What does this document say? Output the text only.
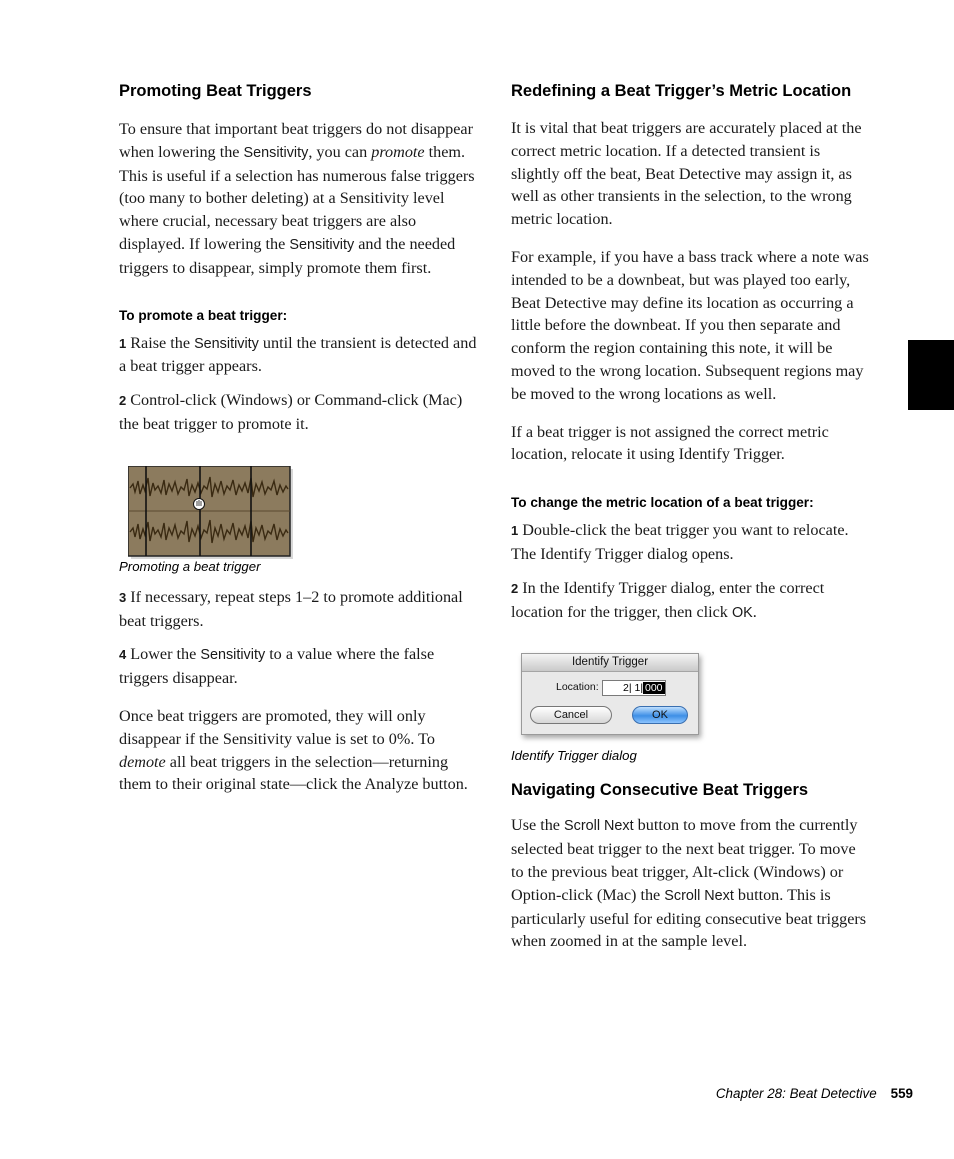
Promoting Beat Triggers

To ensure that important beat triggers do not disappear when lowering the Sensitivity, you can promote them. This is useful if a selection has numerous false triggers (too many to bother deleting) at a Sensitivity level where crucial, necessary beat triggers are also displayed. If lowering the Sensitivity and the needed triggers to disappear, simply promote them first.

To promote a beat trigger:

1 Raise the Sensitivity until the transient is detected and a beat trigger appears.

2 Control-click (Windows) or Command-click (Mac) the beat trigger to promote it.

Promoting a beat trigger

3 If necessary, repeat steps 1–2 to promote additional beat triggers.

4 Lower the Sensitivity to a value where the false triggers disappear.

Once beat triggers are promoted, they will only disappear if the Sensitivity value is set to 0%. To demote all beat triggers in the selection—returning them to their original state—click the Analyze button.

Redefining a Beat Trigger’s Metric Location

It is vital that beat triggers are accurately placed at the correct metric location. If a detected transient is slightly off the beat, Beat Detective may assign it, as well as other transients in the selection, to the wrong metric location.

For example, if you have a bass track where a note was intended to be a downbeat, but was played too early, Beat Detective may define its location as occurring a little before the downbeat. If you then separate and conform the region containing this note, it will be moved to the wrong location. Subsequent regions may be moved to the wrong locations as well.

If a beat trigger is not assigned the correct metric location, relocate it using Identify Trigger.

To change the metric location of a beat trigger:

1 Double-click the beat trigger you want to relocate. The Identify Trigger dialog opens.

2 In the Identify Trigger dialog, enter the correct location for the trigger, then click OK.

Identify Trigger
Location: 2| 1| 000
Cancel	OK

Identify Trigger dialog

Navigating Consecutive Beat Triggers

Use the Scroll Next button to move from the currently selected beat trigger to the next beat trigger. To move to the previous beat trigger, Alt-click (Windows) or Option-click (Mac) the Scroll Next button. This is particularly useful for editing consecutive beat triggers when zoomed in at the sample level.

Chapter 28: Beat Detective 559
